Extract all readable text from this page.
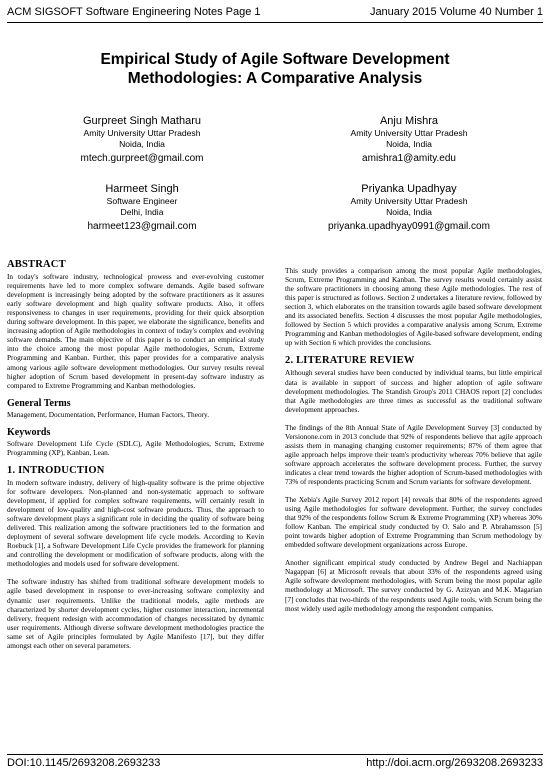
ACM SIGSOFT Software Engineering Notes Page 1	January 2015 Volume 40 Number 1
Empirical Study of Agile Software Development
Methodologies: A Comparative Analysis
Gurpreet Singh Matharu
Amity University Uttar Pradesh
Noida, India
mtech.gurpreet@gmail.com
Anju Mishra
Amity University Uttar Pradesh
Noida, India
amishra1@amity.edu
Harmeet Singh
Software Engineer
Delhi, India
harmeet123@gmail.com
Priyanka Upadhyay
Amity University Uttar Pradesh
Noida, India
priyanka.upadhyay0991@gmail.com
ABSTRACT

In today's software industry, technological prowess and ever-evolving customer requirements have led to more complex software demands. Agile based software development is increasingly being adopted by the software practitioners as it assures early software development and high quality software products. Also, it offers responsiveness to changes in user requirements, providing for their quick absorption during software development. In this paper, we elaborate the significance, benefits and increasing adoption of Agile methodologies in context of today's complex and evolving software demands. The main objective of this paper is to conduct an empirical study into the choice among the most popular Agile methodologies, Scrum, Extreme Programming and Kanban. Further, this paper provides for a comparative analysis among various agile software development methodologies. Our survey results reveal higher adoption of Scrum based development in present-day software industry as compared to Extreme Programming and Kanban methodologies.

General Terms

Management, Documentation, Performance, Human Factors, Theory.

Keywords

Software Development Life Cycle (SDLC), Agile Methodologies, Scrum, Extreme Programming (XP), Kanban, Lean.

1. INTRODUCTION

In modern software industry, delivery of high-quality software is the prime objective for software developers. Non-planned and non-systematic approach to software development, if applied for complex software requirements, will certainly result in development of low-quality and high-cost software products. Thus, the approach to software development plays a significant role in deciding the quality of software being delivered. This realization among the software practitioners led to the formation and deployment of several software development life cycle models. According to Kevin Roebuck [1], a Software Development Life Cycle provides the framework for planning and controlling the development or modification of software products, along with the methodologies and models used for software development.

The software industry has shifted from traditional software development models to agile based development in response to ever-increasing software complexity and dynamic user requirements. Unlike the traditional models, agile methods are characterized by shorter development cycles, higher customer interaction, incremental delivery, frequent redesign with accommodation of changes necessitated by dynamic user requirements. Although diverse software development methodologies practice the same set of Agile principles formulated by Agile Manifesto [17], but they differ amongst each other on several parameters.

This study provides a comparison among the most popular Agile methodologies, Scrum, Extreme Programming and Kanban. The survey results would certainly assist the software practitioners in choosing among these Agile methodologies. The rest of this paper is structured as follows. Section 2 undertakes a literature review, followed by section 3, which elaborates on the transition towards agile based software development and its associated benefits. Section 4 discusses the most popular Agile methodologies, followed by Section 5 which provides a comparative analysis among Scrum, Extreme Programming and Kanban methodologies of Agile-based software development, ending up with Section 6 which provides the conclusions.

2. LITERATURE REVIEW

Although several studies have been conducted by individual teams, but little empirical data is available in support of success and higher adoption of agile software development methodologies. The Standish Group's 2011 CHAOS report [2] concludes that Agile methodologies are three times as successful as the traditional software development approaches.

The findings of the 8th Annual State of Agile Development Survey [3] conducted by Versionone.com in 2013 conclude that 92% of respondents believe that agile approach assists them in managing changing customer requirements; 87% of them agree that agile approach helps improve their team's productivity whereas 70% believe that agile software approach accelerates the software development process. Further, the survey indicates a clear trend towards the higher adoption of Scrum-based methodologies with 73% of respondents practicing Scrum and Scrum variants for software development.

The Xebia's Agile Survey 2012 report [4] reveals that 80% of the respondents agreed using Agile methodologies for software development. Further, the survey concludes that 92% of the respondents follow Scrum & Extreme Programming (XP) whereas 30% follow Kanban. The empirical study conducted by O. Salo and P. Abrahamsson [5] point towards higher adoption of Extreme Programming than Scrum methodology by embedded software development organizations across Europe.

Another significant empirical study conducted by Andrew Begel and Nachiappan Nagappan [6] at Microsoft reveals that about 33% of the respondents agreed using Agile software development methodologies, with Scrum being the most popular agile methodology at Microsoft. The survey conducted by G. Azizyan and M.K. Magarian [7] concludes that two-thirds of the respondents used Agile tools, with Scrum being the most widely used agile methodology among the respondent companies.

DOI:10.1145/2693208.2693233	http://doi.acm.org/2693208.2693233
